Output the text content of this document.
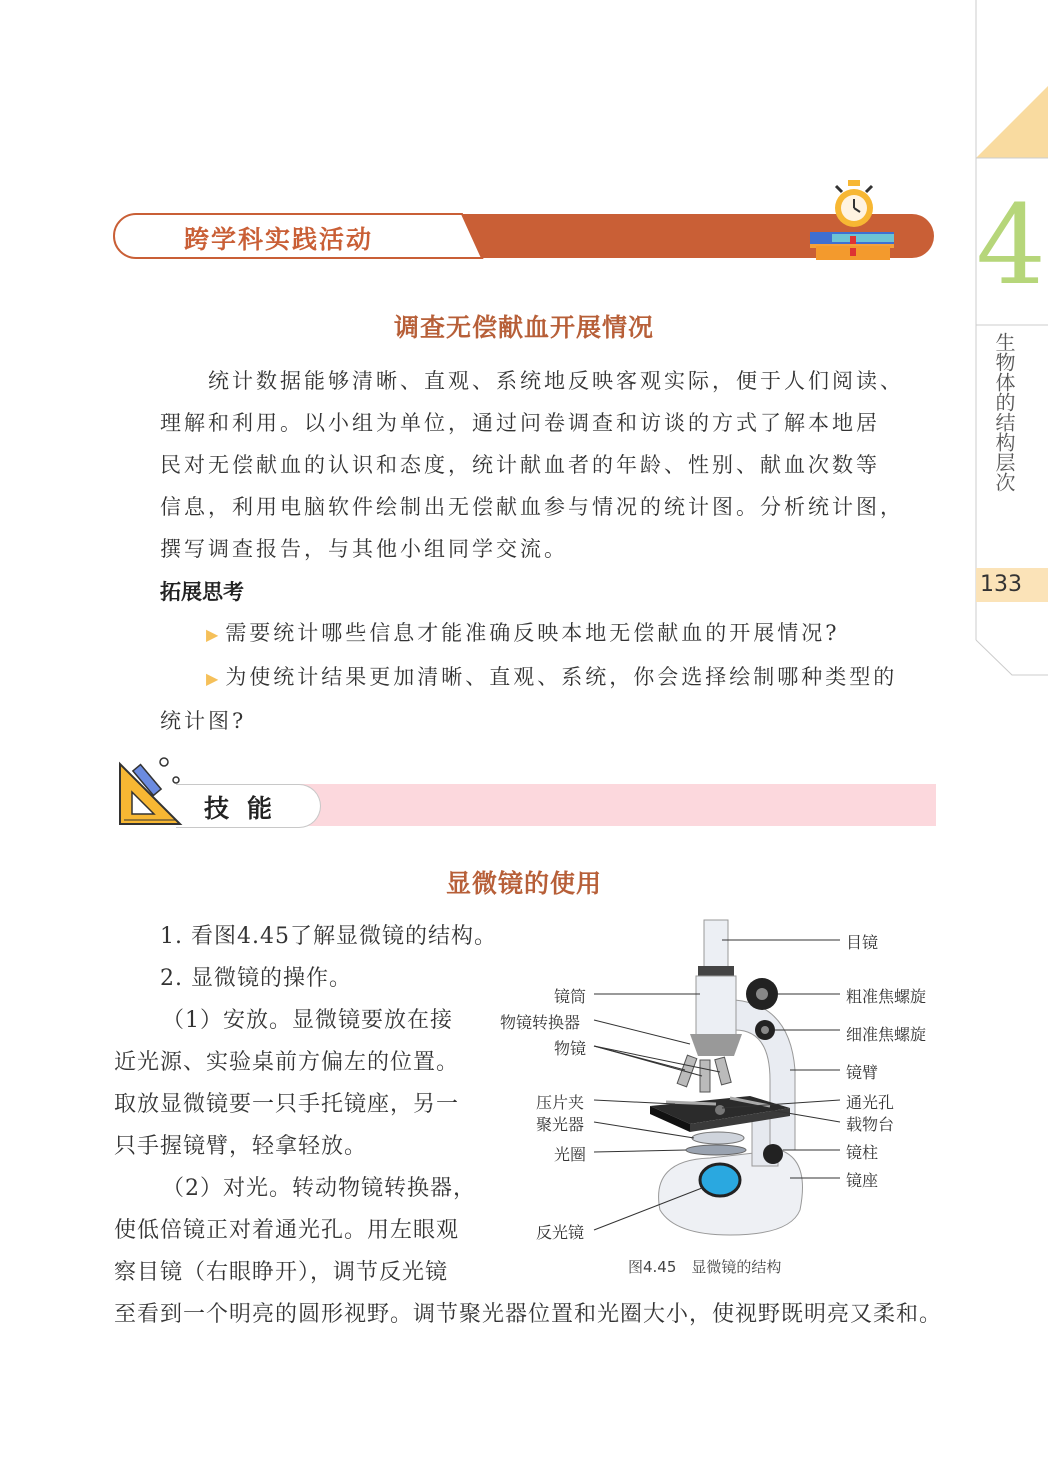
4
生物体的结构层次
133
跨学科实践活动
调查无偿献血开展情况

统计数据能够清晰、直观、系统地反映客观实际，便于人们阅读、

理解和利用。以小组为单位，通过问卷调查和访谈的方式了解本地居

民对无偿献血的认识和态度，统计献血者的年龄、性别、献血次数等

信息，利用电脑软件绘制出无偿献血参与情况的统计图。分析统计图，

撰写调查报告，与其他小组同学交流。

拓展思考

▶ 需要统计哪些信息才能准确反映本地无偿献血的开展情况?

▶ 为使统计结果更加清晰、直观、系统，你会选择绘制哪种类型的

统计图?

技能
显微镜的使用
1. 看图4.45了解显微镜的结构。
2. 显微镜的操作。
（1）安放。显微镜要放在接
近光源、实验桌前方偏左的位置。
取放显微镜要一只手托镜座，另一
只手握镜臂，轻拿轻放。
（2）对光。转动物镜转换器，
使低倍镜正对着通光孔。用左眼观
察目镜（右眼睁开），调节反光镜
至看到一个明亮的圆形视野。调节聚光器位置和光圈大小，使视野既明亮又柔和。
镜筒
物镜转换器
物镜
压片夹
聚光器
光圈
反光镜
目镜
粗准焦螺旋
细准焦螺旋
镜臂
通光孔
载物台
镜柱
镜座
图4.45　显微镜的结构
